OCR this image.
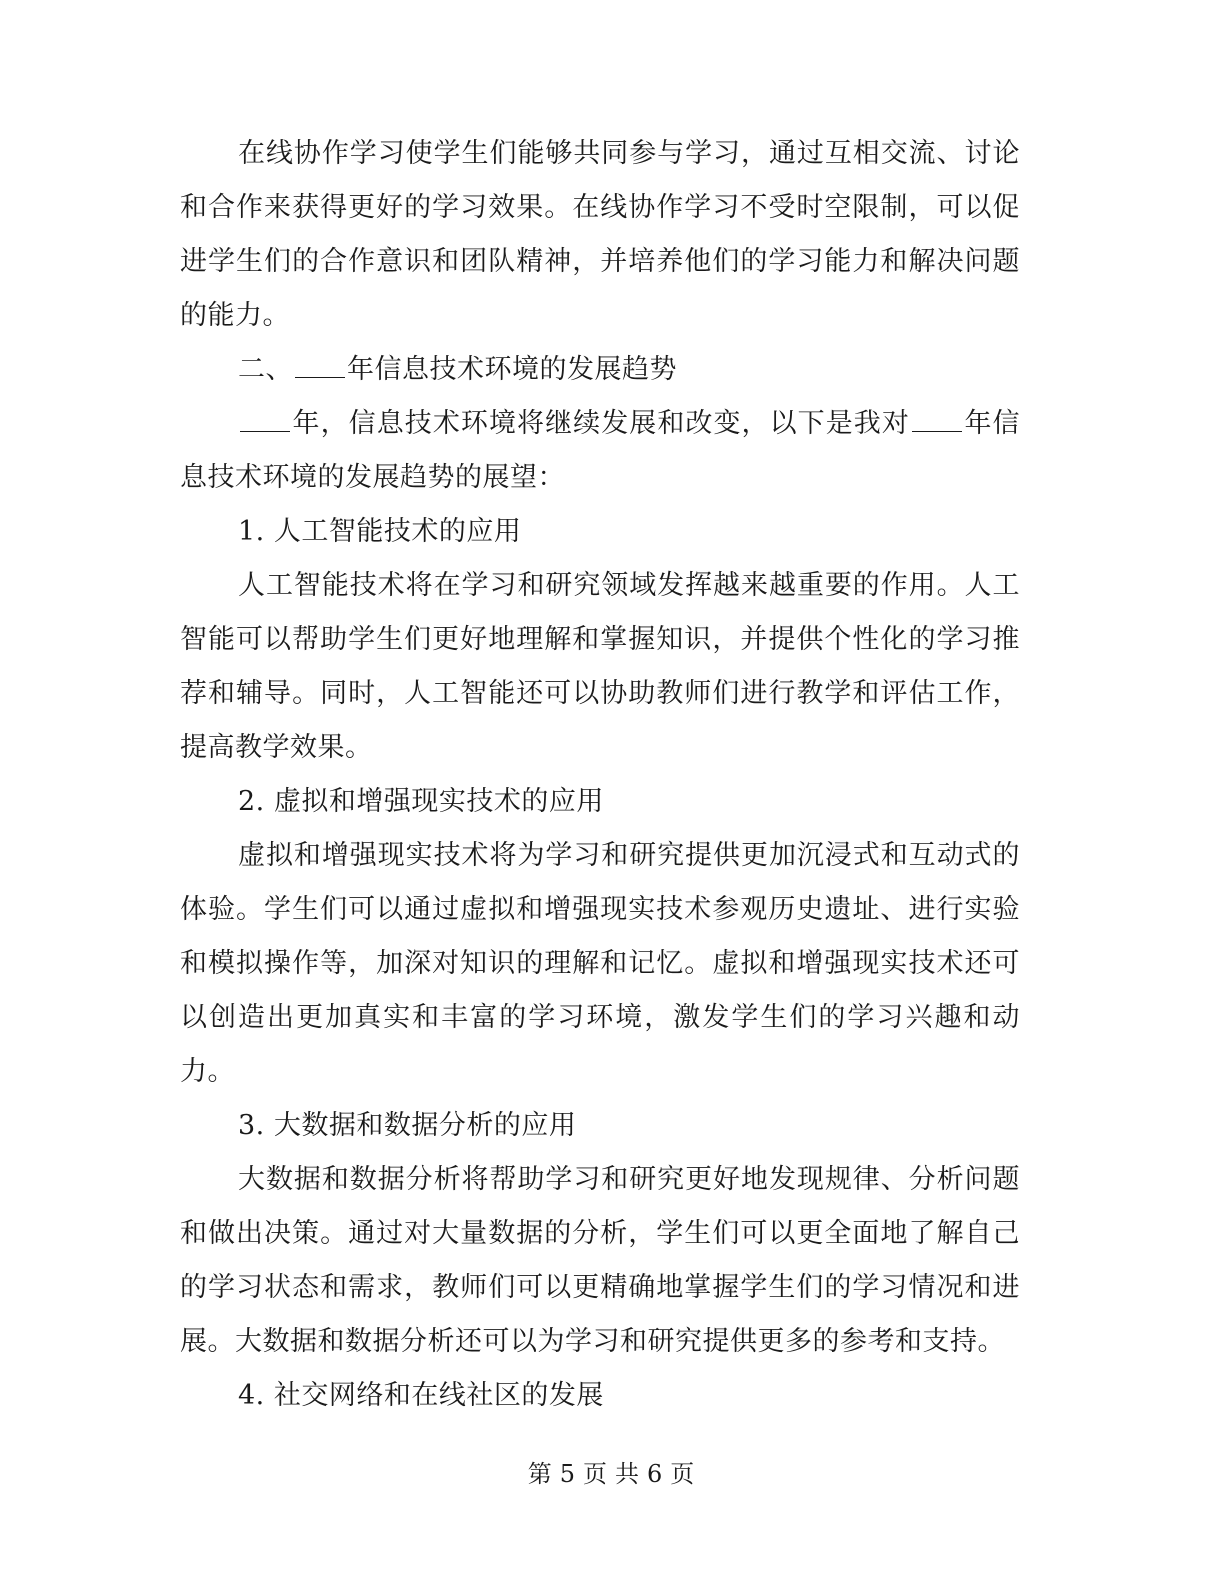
在线协作学习使学生们能够共同参与学习，通过互相交流、讨论和合作来获得更好的学习效果。在线协作学习不受时空限制，可以促进学生们的合作意识和团队精神，并培养他们的学习能力和解决问题的能力。

二、 年信息技术环境的发展趋势

年，信息技术环境将继续发展和改变，以下是我对 年信息技术环境的发展趋势的展望：

1. 人工智能技术的应用

人工智能技术将在学习和研究领域发挥越来越重要的作用。人工智能可以帮助学生们更好地理解和掌握知识，并提供个性化的学习推荐和辅导。同时，人工智能还可以协助教师们进行教学和评估工作，提高教学效果。

2. 虚拟和增强现实技术的应用

虚拟和增强现实技术将为学习和研究提供更加沉浸式和互动式的体验。学生们可以通过虚拟和增强现实技术参观历史遗址、进行实验和模拟操作等，加深对知识的理解和记忆。虚拟和增强现实技术还可以创造出更加真实和丰富的学习环境，激发学生们的学习兴趣和动力。

3. 大数据和数据分析的应用

大数据和数据分析将帮助学习和研究更好地发现规律、分析问题和做出决策。通过对大量数据的分析，学生们可以更全面地了解自己的学习状态和需求，教师们可以更精确地掌握学生们的学习情况和进展。大数据和数据分析还可以为学习和研究提供更多的参考和支持。

4. 社交网络和在线社区的发展

第 5 页 共 6 页
